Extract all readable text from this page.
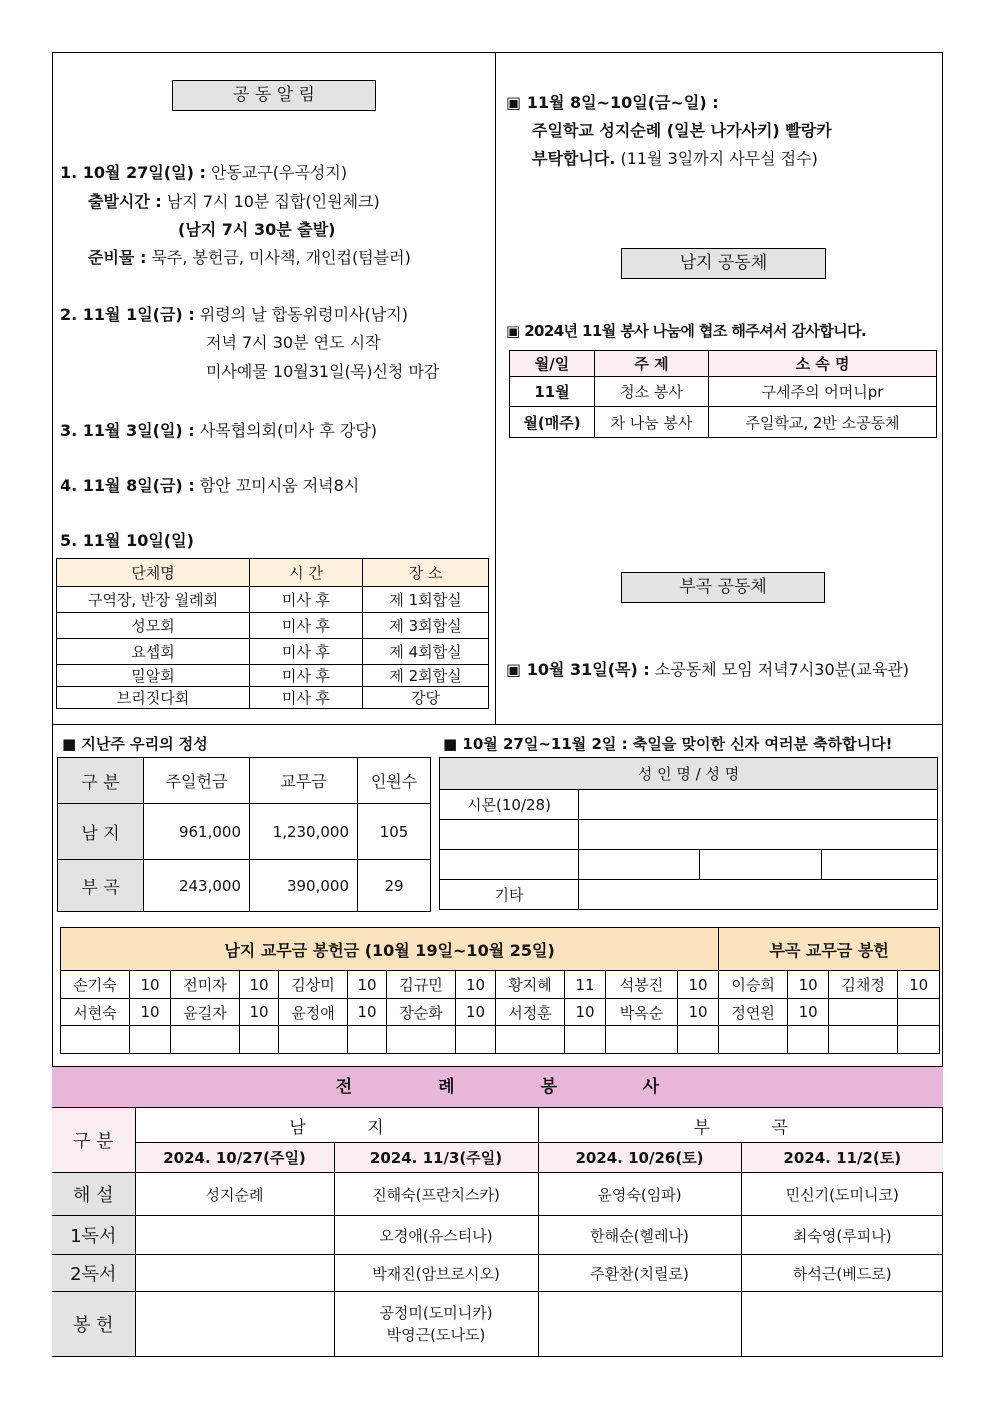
공 동 알 림
1. 10월 27일(일) : 안동교구(우곡성지)
출발시간 : 남지 7시 10분 집합(인원체크)
(남지 7시 30분 출발)
준비물 : 묵주, 봉헌금, 미사책, 개인컵(텀블러)
2. 11월 1일(금) : 위령의 날 합동위령미사(남지)
저녁 7시 30분 연도 시작
미사예물 10월31일(목)신청 마감
3. 11월 3일(일) : 사목협의회(미사 후 강당)
4. 11월 8일(금) : 함안 꼬미시움 저녁8시
5. 11월 10일(일)
단체명	시 간	장 소
구역장, 반장 월례회	미사 후	제 1회합실
성모회	미사 후	제 3회합실
요셉회	미사 후	제 4회합실
밀알회	미사 후	제 2회합실
브리짓다회	미사 후	강당
▣ 11월 8일~10일(금~일) :
주일학교 성지순례 (일본 나가사키) 빨랑카
부탁합니다. (11월 3일까지 사무실 접수)
남지 공동체
▣ 2024년 11월 봉사 나눔에 협조 해주셔서 감사합니다.
월/일	주 제	소 속 명
11월	청소 봉사	구세주의 어머니pr
월(매주)	차 나눔 봉사	주일학교, 2반 소공동체
부곡 공동체
▣ 10월 31일(목) : 소공동체 모임 저녁7시30분(교육관)
■ 지난주 우리의 정성
구 분	주일헌금	교무금	인원수
남 지	961,000	1,230,000	105
부 곡	243,000	390,000	29
■ 10월 27일~11월 2일 : 축일을 맞이한 신자 여러분 축하합니다!
성 인 명 / 성 명			
시몬(10/28)			

기타			
남지 교무금 봉헌금 (10월 19일~10월 25일)												부곡 교무금 봉헌			
손기숙	10	전미자	10	김상미	10	김규민	10	황지혜	11	석봉진	10	이승희	10	김채정	10
서현숙	10	윤길자	10	윤정애	10	장순화	10	서정훈	10	박옥순	10	정연원	10		

전 례 봉 사
구 분	남 지		부 곡	
	2024. 10/27(주일)	2024. 11/3(주일)	2024. 10/26(토)	2024. 11/2(토)
해 설	성지순례	진해숙(프란치스카)	윤영숙(임파)	민신기(도미니코)
1독서		오경애(유스티나)	한해순(헬레나)	최숙영(루피나)
2독서		박재진(암브로시오)	주환찬(치릴로)	하석근(베드로)
봉 헌		공정미(도미니카)
박영근(도나도)		
